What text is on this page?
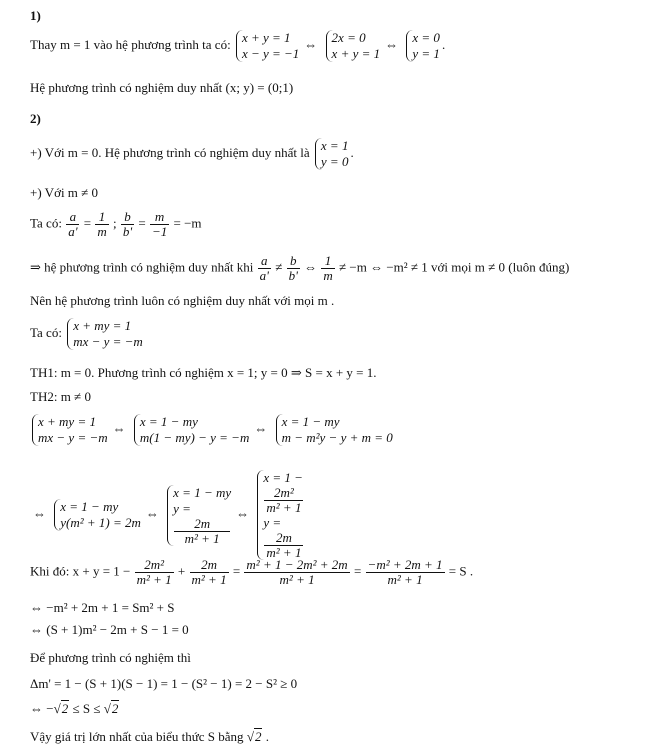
1)
Thay m = 1 vào hệ phương trình ta có: x + y = 1
x − y = −1
⇔ 2x = 0
x + y = 1
⇔ x = 0
y = 1
.
Hệ phương trình có nghiệm duy nhất (x; y) = (0;1)
2)
+) Với m = 0. Hệ phương trình có nghiệm duy nhất là x = 1
y = 0
.
+) Với m ≠ 0
Ta có: $\frac{a}{a'} = \frac{1}{m}$ ; $\frac{b}{b'} = \frac{m}{-1} = -m$
⇒ hệ phương trình có nghiệm duy nhất khi $\frac{a}{a'} \ne \frac{b}{b'}$ ⇔ $\frac{1}{m} \ne -m$ ⇔ −m² ≠ 1 với mọi m ≠ 0 (luôn đúng)
Nên hệ phương trình luôn có nghiệm duy nhất với mọi m .
Ta có: x + my = 1
mx − y = −m
TH1: m = 0. Phương trình có nghiệm x = 1; y = 0 ⇒ S = x + y = 1.
TH2: m ≠ 0
x + my = 1
mx − y = −m
⇔ x = 1 − my
m(1 − my) − y = −m
⇔ x = 1 − my
m − m²y − y + m = 0
⇔ x = 1 − my
y(m² + 1) = 2m
⇔
x = 1 − my
y =
2m
m² + 1
⇔
x = 1 −
2m²
m² + 1
y =
2m
m² + 1
Khi đó: $x + y = 1 - \frac{\text{2m²}}{\text{m² + 1}} + \frac{2m}{\text{m² + 1}} = \frac{\text{m² + 1 − 2m² + 2m}}{\text{m² + 1}} = \frac{\text{−m² + 2m + 1}}{\text{m² + 1}} = S$ .
⇔ −m² + 2m + 1 = Sm² + S
⇔ (S + 1)m² − 2m + S − 1 = 0
Để phương trình có nghiệm thì
Δm' = 1 − (S + 1)(S − 1) = 1 − (S² − 1) = 2 − S² ≥ 0
⇔ −√2 ≤ S ≤ √2
Vậy giá trị lớn nhất của biểu thức S bằng √2 .
